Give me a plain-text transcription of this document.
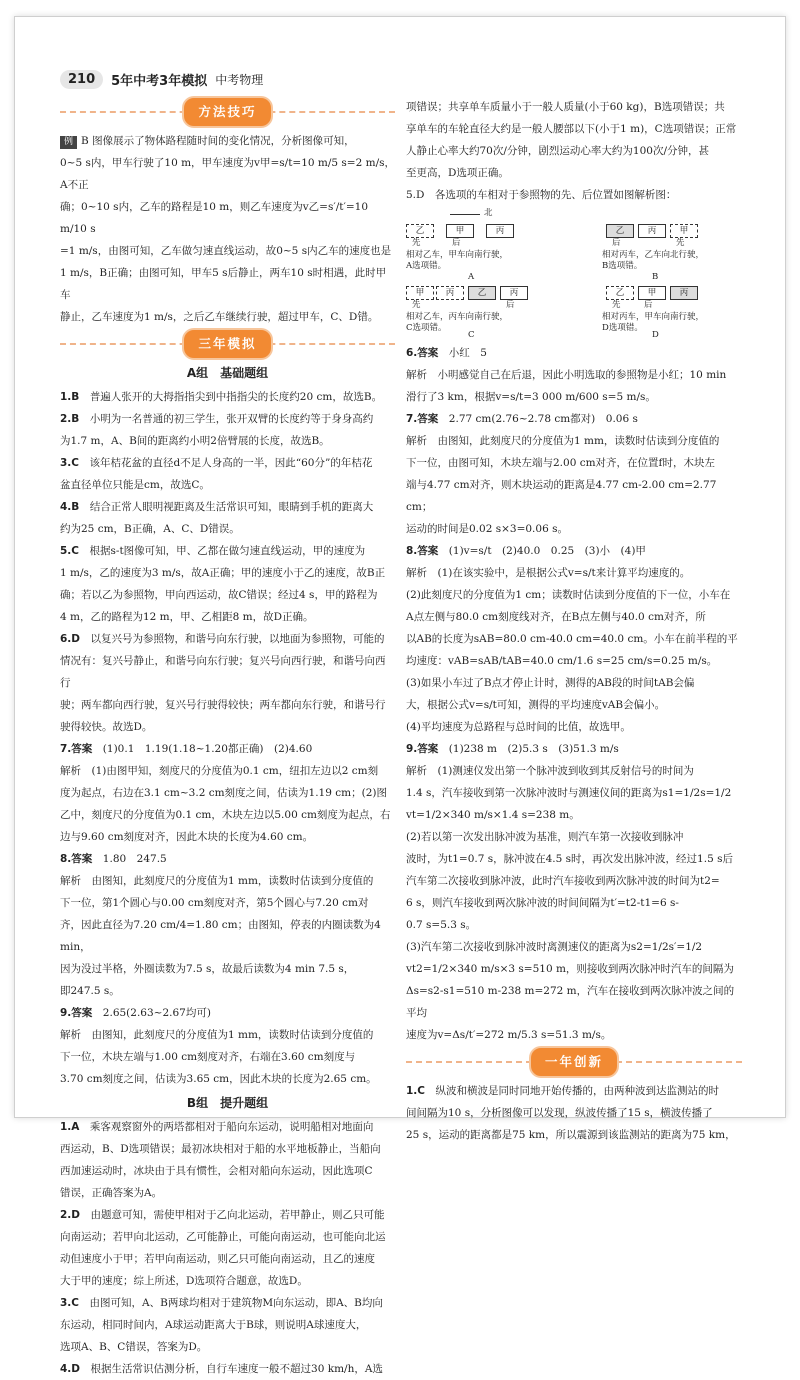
210	5年中考3年模拟 中考物理
方法技巧
例 B 图像展示了物体路程随时间的变化情况，分析图像可知，
0~5 s内，甲车行驶了10 m，甲车速度为v甲=s/t=10 m/5 s=2 m/s，A不正
确；0~10 s内，乙车的路程是10 m，则乙车速度为v乙=s′/t′=10 m/10 s
=1 m/s，由图可知，乙车做匀速直线运动，故0~5 s内乙车的速度也是
1 m/s，B正确；由图可知，甲车5 s后静止，两车10 s时相遇，此时甲车
静止，乙车速度为1 m/s，之后乙车继续行驶，超过甲车，C、D错。
三年模拟
A组　基础题组
1.B　 普遍人张开的大拇指指尖到中指指尖的长度约20 cm，故选B。
2.B　 小明为一名普通的初三学生，张开双臂的长度约等于身身高约
为1.7 m，A、B间的距离约小明2倍臂展的长度，故选B。
3.C　 该年桔花盆的直径d不足人身高的一半，因此“60分”的年桔花
盆直径单位只能是cm，故选C。
4.B　 结合正常人眼明视距离及生活常识可知，眼睛到手机的距离大
约为25 cm，B正确，A、C、D错误。
5.C　 根据s-t图像可知，甲、乙都在做匀速直线运动，甲的速度为
1 m/s，乙的速度为3 m/s，故A正确；甲的速度小于乙的速度，故B正
确；若以乙为参照物，甲向西运动，故C错误；经过4 s，甲的路程为
4 m，乙的路程为12 m，甲、乙相距8 m，故D正确。
6.D　 以复兴号为参照物，和谐号向东行驶，以地面为参照物，可能的
情况有：复兴号静止，和谐号向东行驶；复兴号向西行驶，和谐号向西行
驶；两车都向西行驶，复兴号行驶得较快；两车都向东行驶，和谐号行
驶得较快。故选D。
7.答案　 (1)0.1　1.19(1.18~1.20都正确)　(2)4.60
解析　(1)由图甲知，刻度尺的分度值为0.1 cm，纽扣左边以2 cm刻
度为起点，右边在3.1 cm~3.2 cm刻度之间，估读为1.19 cm；(2)图
乙中，刻度尺的分度值为0.1 cm，木块左边以5.00 cm刻度为起点，右
边与9.60 cm刻度对齐，因此木块的长度为4.60 cm。
8.答案　 1.80　247.5
解析　由图知，此刻度尺的分度值为1 mm，读数时估读到分度值的
下一位，第1个圆心与0.00 cm刻度对齐，第5个圆心与7.20 cm对
齐，因此直径为7.20 cm/4=1.80 cm；由图知，停表的内圈读数为4 min，
因为没过半格，外圈读数为7.5 s，故最后读数为4 min 7.5 s，
即247.5 s。
9.答案　 2.65(2.63~2.67均可)
解析　由图知，此刻度尺的分度值为1 mm，读数时估读到分度值的
下一位，木块左端与1.00 cm刻度对齐，右端在3.60 cm刻度与
3.70 cm刻度之间，估读为3.65 cm，因此木块的长度为2.65 cm。
B组　提升题组
1.A　 乘客观察窗外的两塔都相对于船向东运动，说明船相对地面向
西运动，B、D选项错误；最初冰块相对于船的水平地板静止，当船向
西加速运动时，冰块由于具有惯性，会相对船向东运动，因此选项C
错误，正确答案为A。
2.D　 由题意可知，需使甲相对于乙向北运动，若甲静止，则乙只可能
向南运动；若甲向北运动，乙可能静止，可能向南运动，也可能向北运
动但速度小于甲；若甲向南运动，则乙只可能向南运动，且乙的速度
大于甲的速度；综上所述，D选项符合题意，故选D。
3.C　 由图可知，A、B两球均相对于建筑物M向东运动，即A、B均向
东运动，相同时间内，A球运动距离大于B球，则说明A球速度大，
选项A、B、C错误，答案为D。
4.D　 根据生活常识估测分析，自行车速度一般不超过30 km/h，A选
项错误；共享单车质量小于一般人质量(小于60 kg)，B选项错误；共
享单车的车轮直径大约是一般人腰部以下(小于1 m)，C选项错误；正常
人静止心率大约70次/分钟，剧烈运动心率大约为100次/分钟，甚
至更高，D选项正确。
5.D　各选项的车相对于参照物的先、后位置如图解析图：
北
乙	甲	丙
先	后
相对乙车，甲车向南行驶，
A选项错。
A
乙	丙	甲
后	先
相对丙车，乙车向北行驶，
B选项错。
B
甲	丙	乙	丙
先	后
相对乙车，丙车向南行驶，
C选项错。
C
乙	甲	丙
先	后
相对丙车，甲车向南行驶，
D选项错。
D
6.答案　 小红　5
解析　小明感觉自己在后退，因此小明选取的参照物是小红；10 min
滑行了3 km，根据v=s/t=3 000 m/600 s=5 m/s。
7.答案　 2.77 cm(2.76~2.78 cm都对)　0.06 s
解析　由图知，此刻度尺的分度值为1 mm，读数时估读到分度值的
下一位，由图可知，木块左端与2.00 cm对齐，在位置f时，木块左
端与4.77 cm对齐，则木块运动的距离是4.77 cm-2.00 cm=2.77 cm；
运动的时间是0.02 s×3=0.06 s。
8.答案　 (1)v=s/t　(2)40.0　0.25　(3)小　(4)甲
解析　(1)在该实验中，是根据公式v=s/t来计算平均速度的。
(2)此刻度尺的分度值为1 cm；读数时估读到分度值的下一位，小车在
A点左侧与80.0 cm刻度线对齐，在B点左侧与40.0 cm对齐，所
以AB的长度为sAB=80.0 cm-40.0 cm=40.0 cm。小车在前半程的平
均速度：vAB=sAB/tAB=40.0 cm/1.6 s=25 cm/s=0.25 m/s。
(3)如果小车过了B点才停止计时，测得的AB段的时间tAB会偏
大，根据公式v=s/t可知，测得的平均速度vAB会偏小。
(4)平均速度为总路程与总时间的比值，故选甲。
9.答案　 (1)238 m　(2)5.3 s　(3)51.3 m/s
解析　(1)测速仪发出第一个脉冲波到收到其反射信号的时间为
1.4 s，汽车接收到第一次脉冲波时与测速仪间的距离为s1=1/2s=1/2
vt=1/2×340 m/s×1.4 s=238 m。
(2)若以第一次发出脉冲波为基准，则汽车第一次接收到脉冲
波时，为t1=0.7 s，脉冲波在4.5 s时，再次发出脉冲波，经过1.5 s后
汽车第二次接收到脉冲波，此时汽车接收到两次脉冲波的时间为t2=
6 s，则汽车接收到两次脉冲波的时间间隔为t′=t2-t1=6 s-
0.7 s=5.3 s。
(3)汽车第二次接收到脉冲波时离测速仪的距离为s2=1/2s′=1/2
vt2=1/2×340 m/s×3 s=510 m，则接收到两次脉冲时汽车的间隔为
Δs=s2-s1=510 m-238 m=272 m，汽车在接收到两次脉冲波之间的平均
速度为v=Δs/t′=272 m/5.3 s=51.3 m/s。
一年创新
1.C　 纵波和横波是同时同地开始传播的，由两种波到达监测站的时
间间隔为10 s，分析图像可以发现，纵波传播了15 s，横波传播了
25 s，运动的距离都是75 km，所以震源到该监测站的距离为75 km，
